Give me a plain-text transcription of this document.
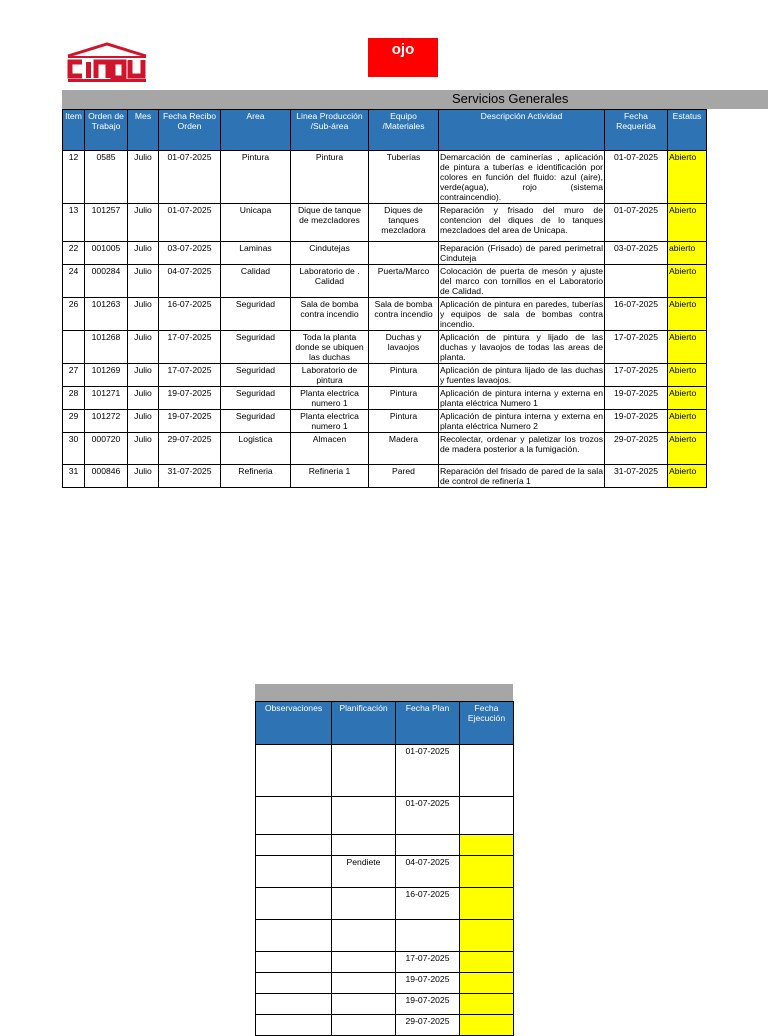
ojo
Servicios Generales
Item	Orden de Trabajo	Mes	Fecha Recibo Orden	Area	Linea Producción /Sub-área	Equipo /Materiales	Descripción Actividad	Fecha Requerida	Estatus
12	0585	Julio	01-07-2025	Pintura	Pintura	Tuberías	Demarcación de caminerías , aplicación de pintura a tuberías e identificación por colores en función del fluido: azul (aire), verde(agua), rojo (sistema contraincendio).	01-07-2025	Abierto
13	101257	Julio	01-07-2025	Unicapa	Dique de tanque de mezcladores	Diques de tanques mezcladora	Reparación y frisado del muro de contencion del diques de lo tanques mezcladoes del area de Unicapa.	01-07-2025	Abierto
22	001005	Julio	03-07-2025	Laminas	Cindutejas		Reparación (Frisado) de pared perimetral Cinduteja	03-07-2025	abierto
24	000284	Julio	04-07-2025	Calidad	Laboratorio de . Calidad	Puerta/Marco	Colocación de puerta de mesón y ajuste del marco con tornillos en el Laboratorio de Calidad.		Abierto
26	101263	Julio	16-07-2025	Seguridad	Sala de bomba contra incendio	Sala de bomba contra incendio	Aplicación de pintura en paredes, tuberías y equipos de sala de bombas contra incendio.	16-07-2025	Abierto
	101268	Julio	17-07-2025	Seguridad	Toda la planta donde se ubiquen las duchas	Duchas y lavaojos	Aplicación de pintura y lijado de las duchas y lavaojos de todas las areas de planta.	17-07-2025	Abierto
27	101269	Julio	17-07-2025	Seguridad	Laboratorio de pintura	Pintura	Aplicación de pintura lijado de las duchas y fuentes lavaojos.	17-07-2025	Abierto
28	101271	Julio	19-07-2025	Seguridad	Planta electrica numero 1	Pintura	Aplicación de pintura interna y externa en planta eléctrica Numero 1	19-07-2025	Abierto
29	101272	Julio	19-07-2025	Seguridad	Planta electrica numero 1	Pintura	Aplicación de pintura interna y externa en planta eléctrica Numero 2	19-07-2025	Abierto
30	000720	Julio	29-07-2025	Logistica	Almacen	Madera	Recolectar, ordenar y paletizar los trozos de madera posterior a la fumigación.	29-07-2025	Abierto
31	000846	Julio	31-07-2025	Refineria	Refineria 1	Pared	Reparación del frisado de pared de la sala de control de refinería 1	31-07-2025	Abierto
Observaciones	Planificación	Fecha Plan	Fecha Ejecución
		01-07-2025	
		01-07-2025	

	Pendiete	04-07-2025	
		16-07-2025	

		17-07-2025	
		19-07-2025	
		19-07-2025	
		29-07-2025	
